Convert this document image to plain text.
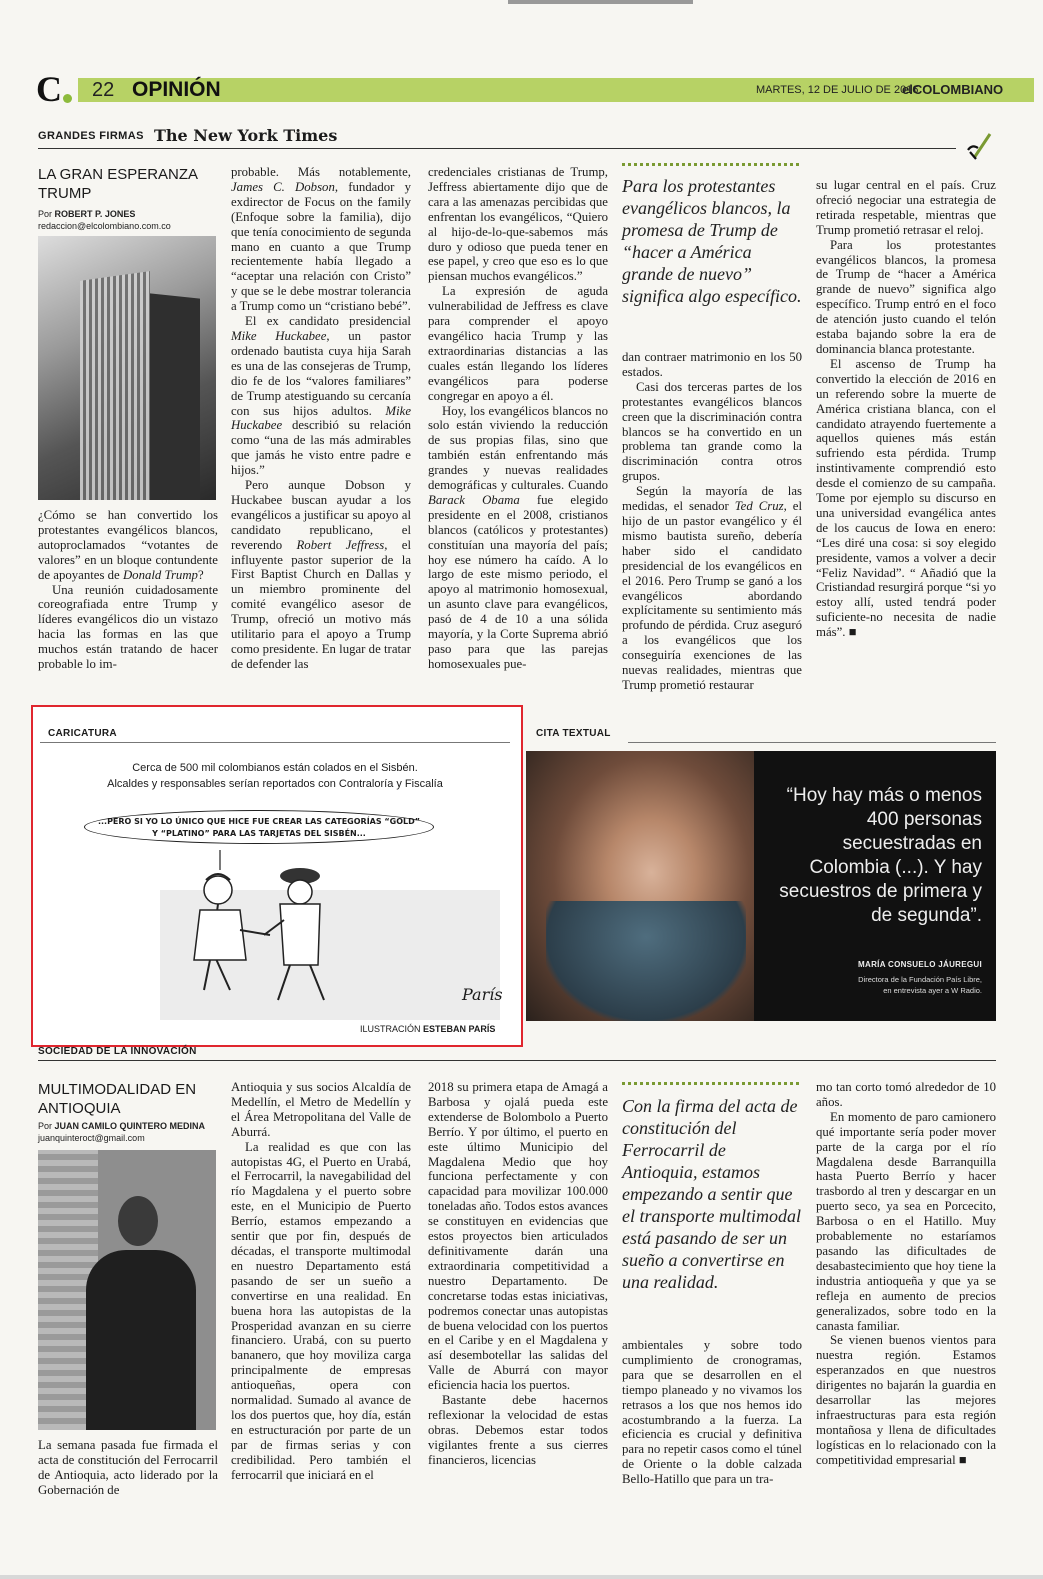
C 22 OPINIÓN	MARTES, 12 DE JULIO DE 2016
elCOLOMBIANO
GRANDES FIRMAS The New York Times
LA GRAN ESPERANZA TRUMP
Por ROBERT P. JONES
redaccion@elcolombiano.com.co

¿Cómo se han convertido los protestantes evangélicos blancos, autoproclamados “votantes de valores” en un bloque contundente de apoyantes de Donald Trump?

Una reunión cuidadosamente coreografiada entre Trump y líderes evangélicos dio un vistazo hacia las formas en las que muchos están tratando de hacer probable lo im-

probable. Más notablemente, James C. Dobson, fundador y exdirector de Focus on the family (Enfoque sobre la familia), dijo que tenía conocimiento de segunda mano en cuanto a que Trump recientemente había llegado a “aceptar una relación con Cristo” y que se le debe mostrar tolerancia a Trump como un “cristiano bebé”.

El ex candidato presidencial Mike Huckabee, un pastor ordenado bautista cuya hija Sarah es una de las consejeras de Trump, dio fe de los “valores familiares” de Trump atestiguando su cercanía con sus hijos adultos. Mike Huckabee describió su relación como “una de las más admirables que jamás he visto entre padre e hijos.”

Pero aunque Dobson y Huckabee buscan ayudar a los evangélicos a justificar su apoyo al candidato republicano, el reverendo Robert Jeffress, el influyente pastor superior de la First Baptist Church en Dallas y un miembro prominente del comité evangélico asesor de Trump, ofreció un motivo más utilitario para el apoyo a Trump como presidente. En lugar de tratar de defender las

credenciales cristianas de Trump, Jeffress abiertamente dijo que de cara a las amenazas percibidas que enfrentan los evangélicos, “Quiero al hijo-de-lo-que-sabemos más duro y odioso que pueda tener en ese papel, y creo que eso es lo que piensan muchos evangélicos.”

La expresión de aguda vulnerabilidad de Jeffress es clave para comprender el apoyo evangélico hacia Trump y las extraordinarias distancias a las cuales están llegando los líderes evangélicos para poderse congregar en apoyo a él.

Hoy, los evangélicos blancos no solo están viviendo la reducción de sus propias filas, sino que también están enfrentando más grandes y nuevas realidades demográficas y culturales. Cuando Barack Obama fue elegido presidente en el 2008, cristianos blancos (católicos y protestantes) constituían una mayoría del país; hoy ese número ha caído. A lo largo de este mismo periodo, el apoyo al matrimonio homosexual, un asunto clave para evangélicos, pasó de 4 de 10 a una sólida mayoría, y la Corte Suprema abrió paso para que las parejas homosexuales pue-

Para los protestantes evangélicos blancos, la promesa de Trump de “hacer a América grande de nuevo” significa algo específico.

dan contraer matrimonio en los 50 estados.

Casi dos terceras partes de los protestantes evangélicos blancos creen que la discriminación contra blancos se ha convertido en un problema tan grande como la discriminación contra otros grupos.

Según la mayoría de las medidas, el senador Ted Cruz, el hijo de un pastor evangélico y él mismo bautista sureño, debería haber sido el candidato presidencial de los evangélicos en el 2016. Pero Trump se ganó a los evangélicos abordando explícitamente su sentimiento más profundo de pérdida. Cruz aseguró a los evangélicos que los conseguiría exenciones de las nuevas realidades, mientras que Trump prometió restaurar

su lugar central en el país. Cruz ofreció negociar una estrategia de retirada respetable, mientras que Trump prometió retrasar el reloj.

Para los protestantes evangélicos blancos, la promesa de Trump de “hacer a América grande de nuevo” significa algo específico. Trump entró en el foco de atención justo cuando el telón estaba bajando sobre la era de dominancia blanca protestante.

El ascenso de Trump ha convertido la elección de 2016 en un referendo sobre la muerte de América cristiana blanca, con el candidato atrayendo fuertemente a aquellos quienes más están sufriendo esta pérdida. Trump instintivamente comprendió esto desde el comienzo de su campaña. Tome por ejemplo su discurso en una universidad evangélica antes de los caucus de Iowa en enero: “Les diré una cosa: si soy elegido presidente, vamos a volver a decir “Feliz Navidad”. “ Añadió que la Cristiandad resurgirá porque “si yo estoy allí, usted tendrá poder suficiente-no necesita de nadie más”. ■

CARICATURA
Cerca de 500 mil colombianos están colados en el Sisbén.
Alcaldes y responsables serían reportados con Contraloría y Fiscalía
...PERO SI YO LO ÚNICO QUE HICE FUE CREAR LAS CATEGORÍAS “GOLD”
Y “PLATINO” PARA LAS TARJETAS DEL SISBÉN...
París
ILUSTRACIÓN ESTEBAN PARÍS
CITA TEXTUAL
“Hoy hay más o menos 400 personas secuestradas en Colombia (...). Y hay secuestros de primera y de segunda”.
MARÍA CONSUELO JÁUREGUI
Directora de la Fundación País Libre,
en entrevista ayer a W Radio.
SOCIEDAD DE LA INNOVACIÓN
MULTIMODALIDAD EN ANTIOQUIA
Por JUAN CAMILO QUINTERO MEDINA
juanquinteroct@gmail.com

La semana pasada fue firmada el acta de constitución del Ferrocarril de Antioquia, acto liderado por la Gobernación de

Antioquia y sus socios Alcaldía de Medellín, el Metro de Medellín y el Área Metropolitana del Valle de Aburrá.

La realidad es que con las autopistas 4G, el Puerto en Urabá, el Ferrocarril, la navegabilidad del río Magdalena y el puerto sobre este, en el Municipio de Puerto Berrío, estamos empezando a sentir que por fin, después de décadas, el transporte multimodal en nuestro Departamento está pasando de ser un sueño a convertirse en una realidad. En buena hora las autopistas de la Prosperidad avanzan en su cierre financiero. Urabá, con su puerto bananero, que hoy moviliza carga principalmente de empresas antioqueñas, opera con normalidad. Sumado al avance de los dos puertos que, hoy día, están en estructuración por parte de un par de firmas serias y con credibilidad. Pero también el ferrocarril que iniciará en el

2018 su primera etapa de Amagá a Barbosa y ojalá pueda este extenderse de Bolombolo a Puerto Berrío. Y por último, el puerto en este último Municipio del Magdalena Medio que hoy funciona perfectamente y con capacidad para movilizar 100.000 toneladas año. Todos estos avances se constituyen en evidencias que estos proyectos bien articulados definitivamente darán una extraordinaria competitividad a nuestro Departamento. De concretarse todas estas iniciativas, podremos conectar unas autopistas de buena velocidad con los puertos en el Caribe y en el Magdalena y así desembotellar las salidas del Valle de Aburrá con mayor eficiencia hacia los puertos.

Bastante debe hacernos reflexionar la velocidad de estas obras. Debemos estar todos vigilantes frente a sus cierres financieros, licencias

Con la firma del acta de constitución del Ferrocarril de Antioquia, estamos empezando a sentir que el transporte multimodal está pasando de ser un sueño a convertirse en una realidad.

ambientales y sobre todo cumplimiento de cronogramas, para que se desarrollen en el tiempo planeado y no vivamos los retrasos a los que nos hemos ido acostumbrando a la fuerza. La eficiencia es crucial y definitiva para no repetir casos como el túnel de Oriente o la doble calzada Bello-Hatillo que para un tra-

mo tan corto tomó alrededor de 10 años.

En momento de paro camionero qué importante sería poder mover parte de la carga por el río Magdalena desde Barranquilla hasta Puerto Berrío y hacer trasbordo al tren y descargar en un puerto seco, ya sea en Porcecito, Barbosa o en el Hatillo. Muy probablemente no estaríamos pasando las dificultades de desabastecimiento que hoy tiene la industria antioqueña y que ya se refleja en aumento de precios generalizados, sobre todo en la canasta familiar.

Se vienen buenos vientos para nuestra región. Estamos esperanzados en que nuestros dirigentes no bajarán la guardia en desarrollar las mejores infraestructuras para esta región montañosa y llena de dificultades logísticas en lo relacionado con la competitividad empresarial ■
